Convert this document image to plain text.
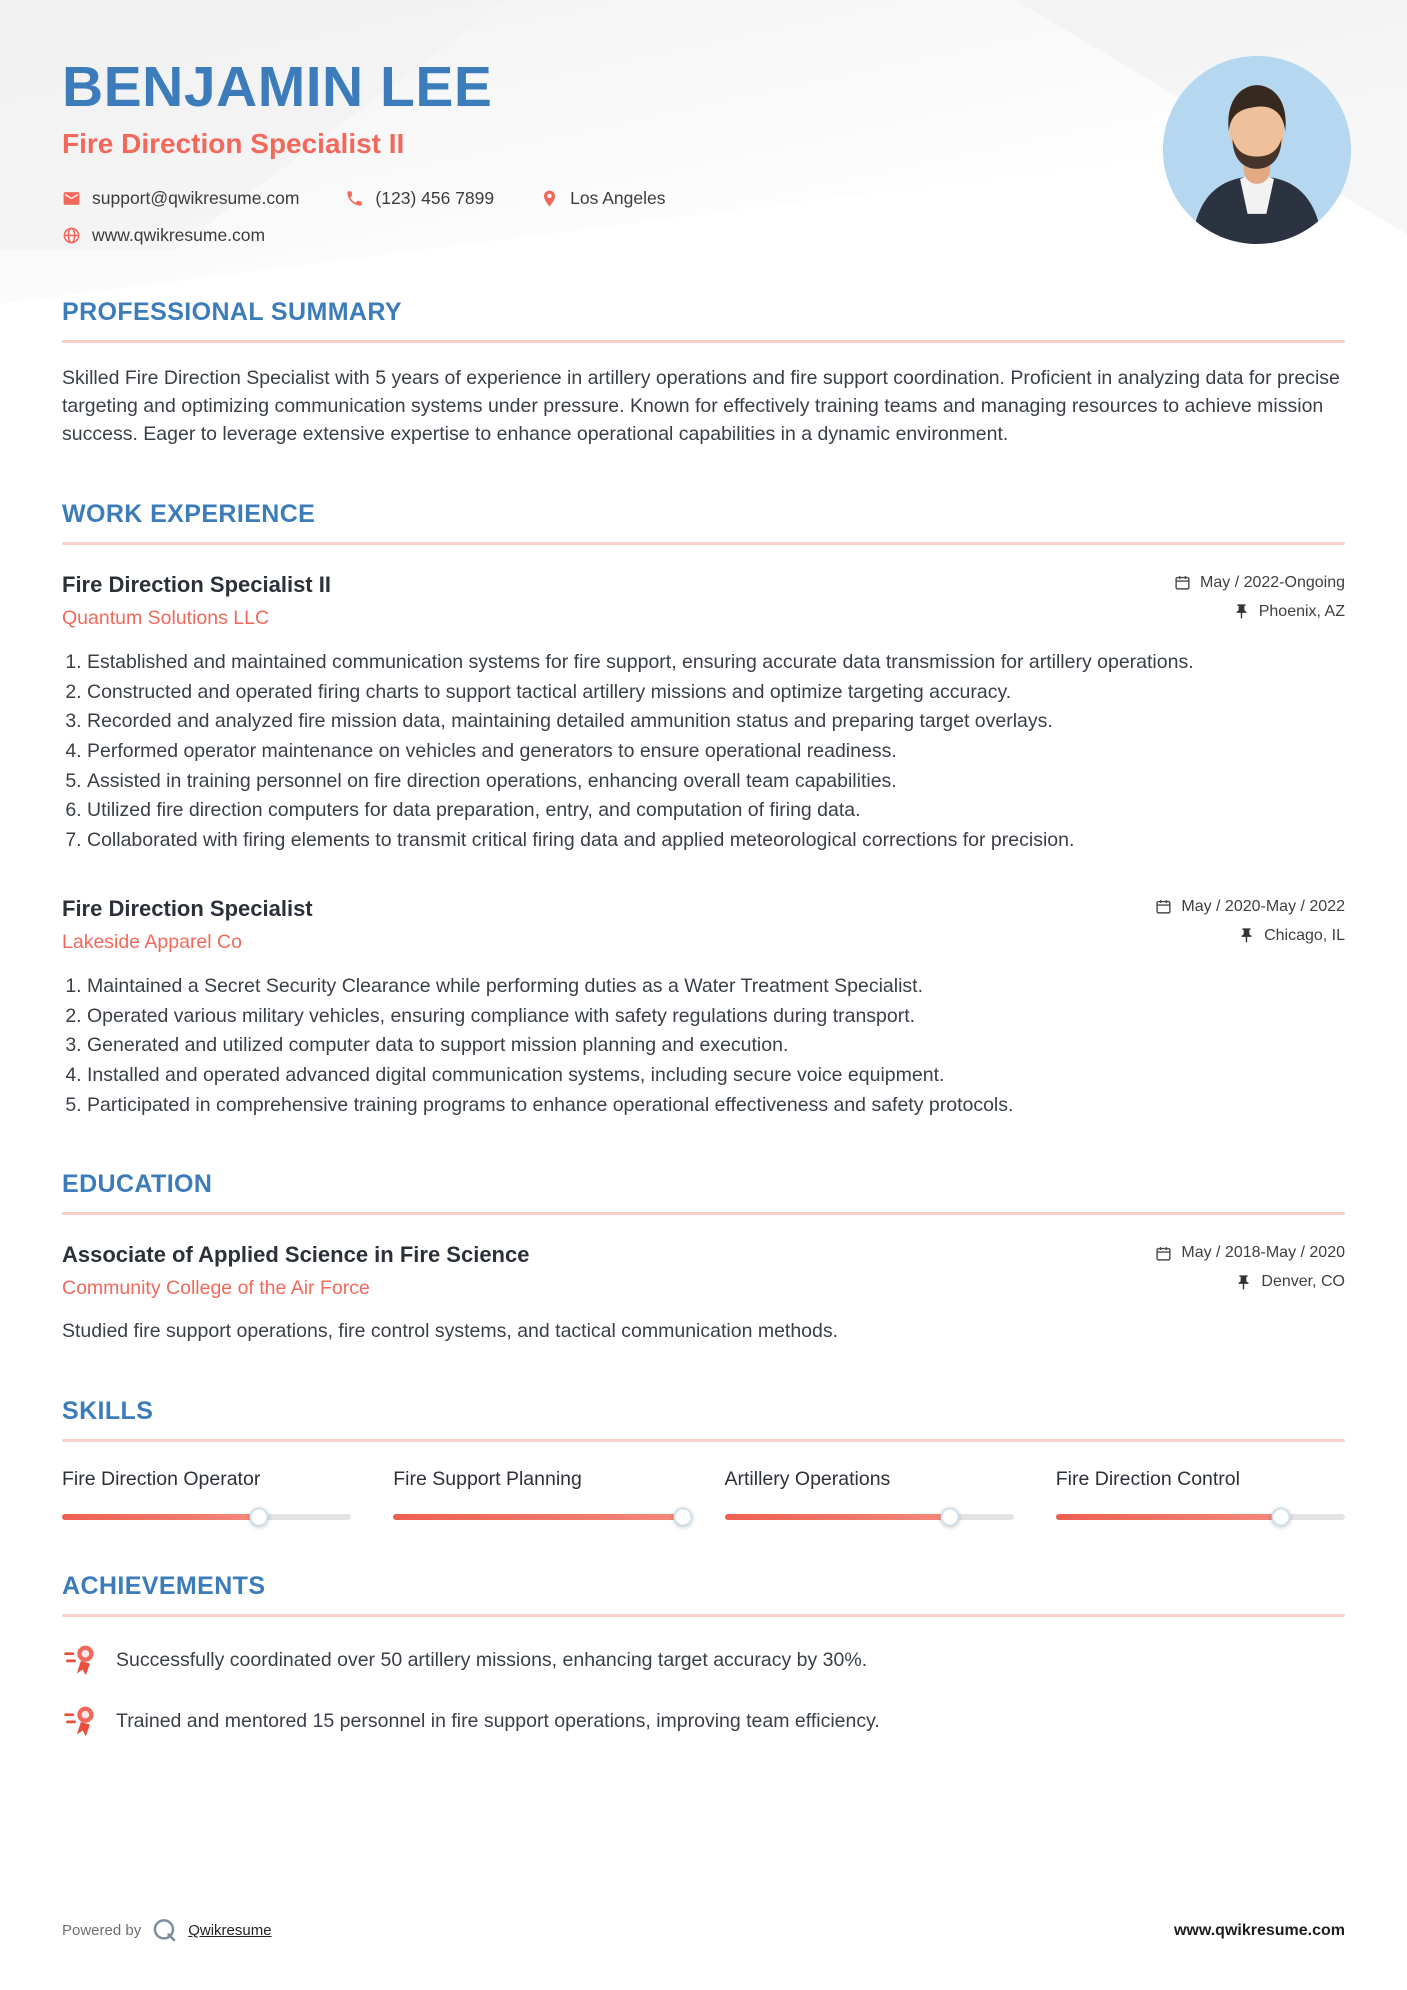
BENJAMIN LEE
Fire Direction Specialist II
support@qwikresume.com	(123) 456 7899	Los Angeles
www.qwikresume.com
PROFESSIONAL SUMMARY

Skilled Fire Direction Specialist with 5 years of experience in artillery operations and fire support coordination. Proficient in analyzing data for precise targeting and optimizing communication systems under pressure. Known for effectively training teams and managing resources to achieve mission success. Eager to leverage extensive expertise to enhance operational capabilities in a dynamic environment.

WORK EXPERIENCE
Fire Direction Specialist II
Quantum Solutions LLC
May / 2022-Ongoing
Phoenix, AZ
1. Established and maintained communication systems for fire support, ensuring accurate data transmission for artillery operations.
2. Constructed and operated firing charts to support tactical artillery missions and optimize targeting accuracy.
3. Recorded and analyzed fire mission data, maintaining detailed ammunition status and preparing target overlays.
4. Performed operator maintenance on vehicles and generators to ensure operational readiness.
5. Assisted in training personnel on fire direction operations, enhancing overall team capabilities.
6. Utilized fire direction computers for data preparation, entry, and computation of firing data.
7. Collaborated with firing elements to transmit critical firing data and applied meteorological corrections for precision.
Fire Direction Specialist
Lakeside Apparel Co
May / 2020-May / 2022
Chicago, IL
1. Maintained a Secret Security Clearance while performing duties as a Water Treatment Specialist.
2. Operated various military vehicles, ensuring compliance with safety regulations during transport.
3. Generated and utilized computer data to support mission planning and execution.
4. Installed and operated advanced digital communication systems, including secure voice equipment.
5. Participated in comprehensive training programs to enhance operational effectiveness and safety protocols.
EDUCATION
Associate of Applied Science in Fire Science
Community College of the Air Force
May / 2018-May / 2020
Denver, CO

Studied fire support operations, fire control systems, and tactical communication methods.

SKILLS
Fire Direction Operator	Fire Support Planning	Artillery Operations	Fire Direction Control
ACHIEVEMENTS
Successfully coordinated over 50 artillery missions, enhancing target accuracy by 30%.
Trained and mentored 15 personnel in fire support operations, improving team efficiency.
Powered by	Qwikresume	www.qwikresume.com
